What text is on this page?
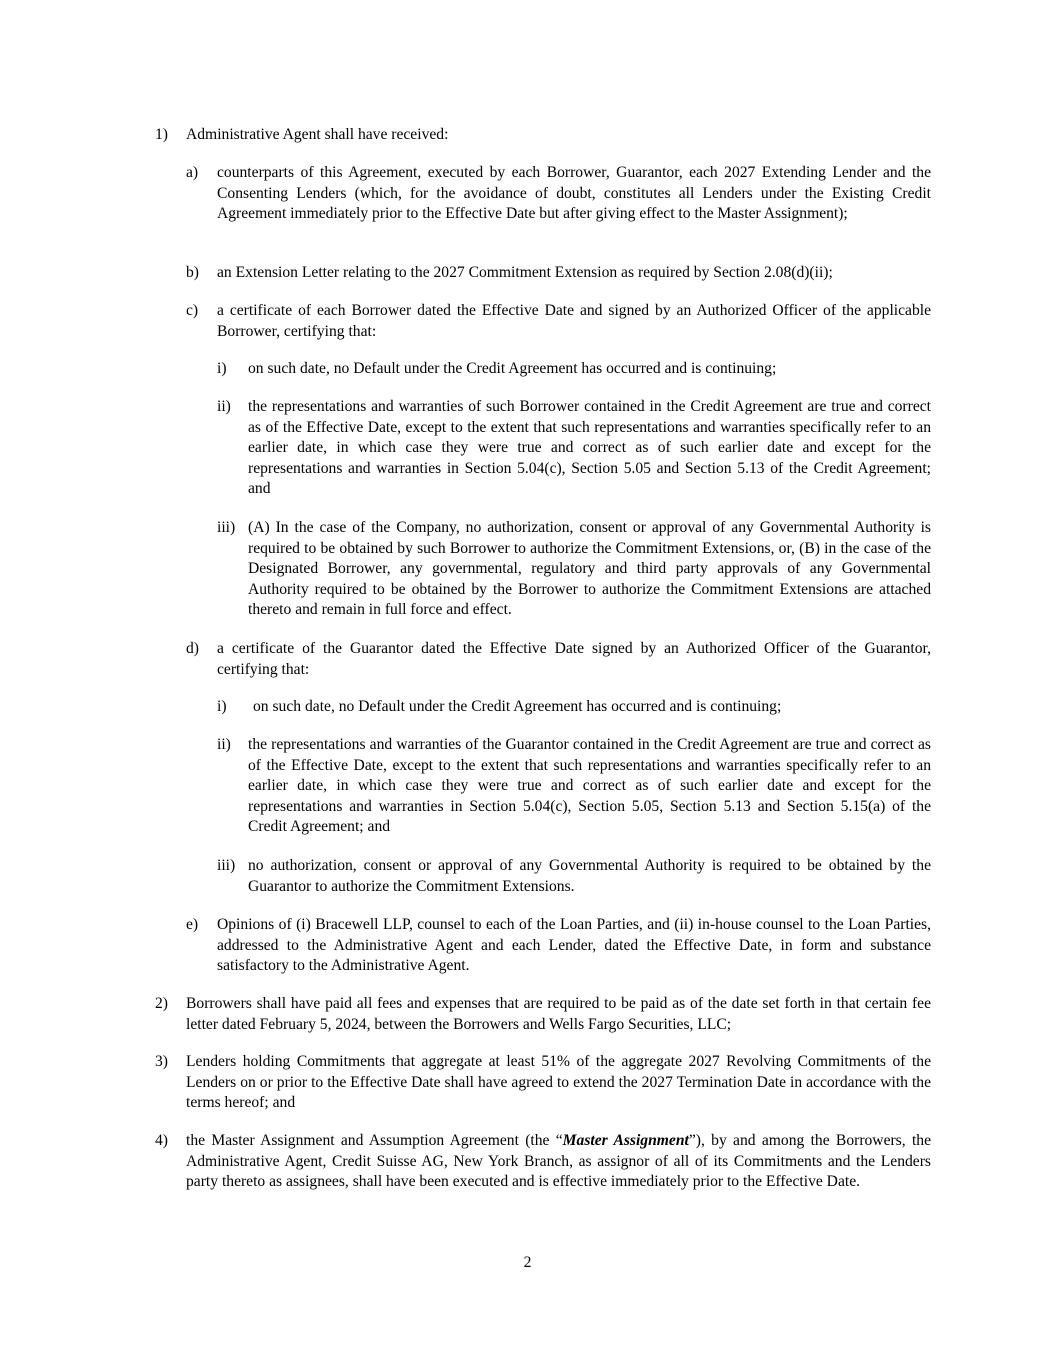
1) Administrative Agent shall have received:
a) counterparts of this Agreement, executed by each Borrower, Guarantor, each 2027 Extending Lender and the Consenting Lenders (which, for the avoidance of doubt, constitutes all Lenders under the Existing Credit Agreement immediately prior to the Effective Date but after giving effect to the Master Assignment);
b) an Extension Letter relating to the 2027 Commitment Extension as required by Section 2.08(d)(ii);
c) a certificate of each Borrower dated the Effective Date and signed by an Authorized Officer of the applicable Borrower, certifying that:
i) on such date, no Default under the Credit Agreement has occurred and is continuing;
ii) the representations and warranties of such Borrower contained in the Credit Agreement are true and correct as of the Effective Date, except to the extent that such representations and warranties specifically refer to an earlier date, in which case they were true and correct as of such earlier date and except for the representations and warranties in Section 5.04(c), Section 5.05 and Section 5.13 of the Credit Agreement; and
iii) (A) In the case of the Company, no authorization, consent or approval of any Governmental Authority is required to be obtained by such Borrower to authorize the Commitment Extensions, or, (B) in the case of the Designated Borrower, any governmental, regulatory and third party approvals of any Governmental Authority required to be obtained by the Borrower to authorize the Commitment Extensions are attached thereto and remain in full force and effect.
d) a certificate of the Guarantor dated the Effective Date signed by an Authorized Officer of the Guarantor, certifying that:
i) on such date, no Default under the Credit Agreement has occurred and is continuing;
ii) the representations and warranties of the Guarantor contained in the Credit Agreement are true and correct as of the Effective Date, except to the extent that such representations and warranties specifically refer to an earlier date, in which case they were true and correct as of such earlier date and except for the representations and warranties in Section 5.04(c), Section 5.05, Section 5.13 and Section 5.15(a) of the Credit Agreement; and
iii) no authorization, consent or approval of any Governmental Authority is required to be obtained by the Guarantor to authorize the Commitment Extensions.
e) Opinions of (i) Bracewell LLP, counsel to each of the Loan Parties, and (ii) in-house counsel to the Loan Parties, addressed to the Administrative Agent and each Lender, dated the Effective Date, in form and substance satisfactory to the Administrative Agent.
2) Borrowers shall have paid all fees and expenses that are required to be paid as of the date set forth in that certain fee letter dated February 5, 2024, between the Borrowers and Wells Fargo Securities, LLC;
3) Lenders holding Commitments that aggregate at least 51% of the aggregate 2027 Revolving Commitments of the Lenders on or prior to the Effective Date shall have agreed to extend the 2027 Termination Date in accordance with the terms hereof; and
4) the Master Assignment and Assumption Agreement (the “Master Assignment”), by and among the Borrowers, the Administrative Agent, Credit Suisse AG, New York Branch, as assignor of all of its Commitments and the Lenders party thereto as assignees, shall have been executed and is effective immediately prior to the Effective Date.
2
